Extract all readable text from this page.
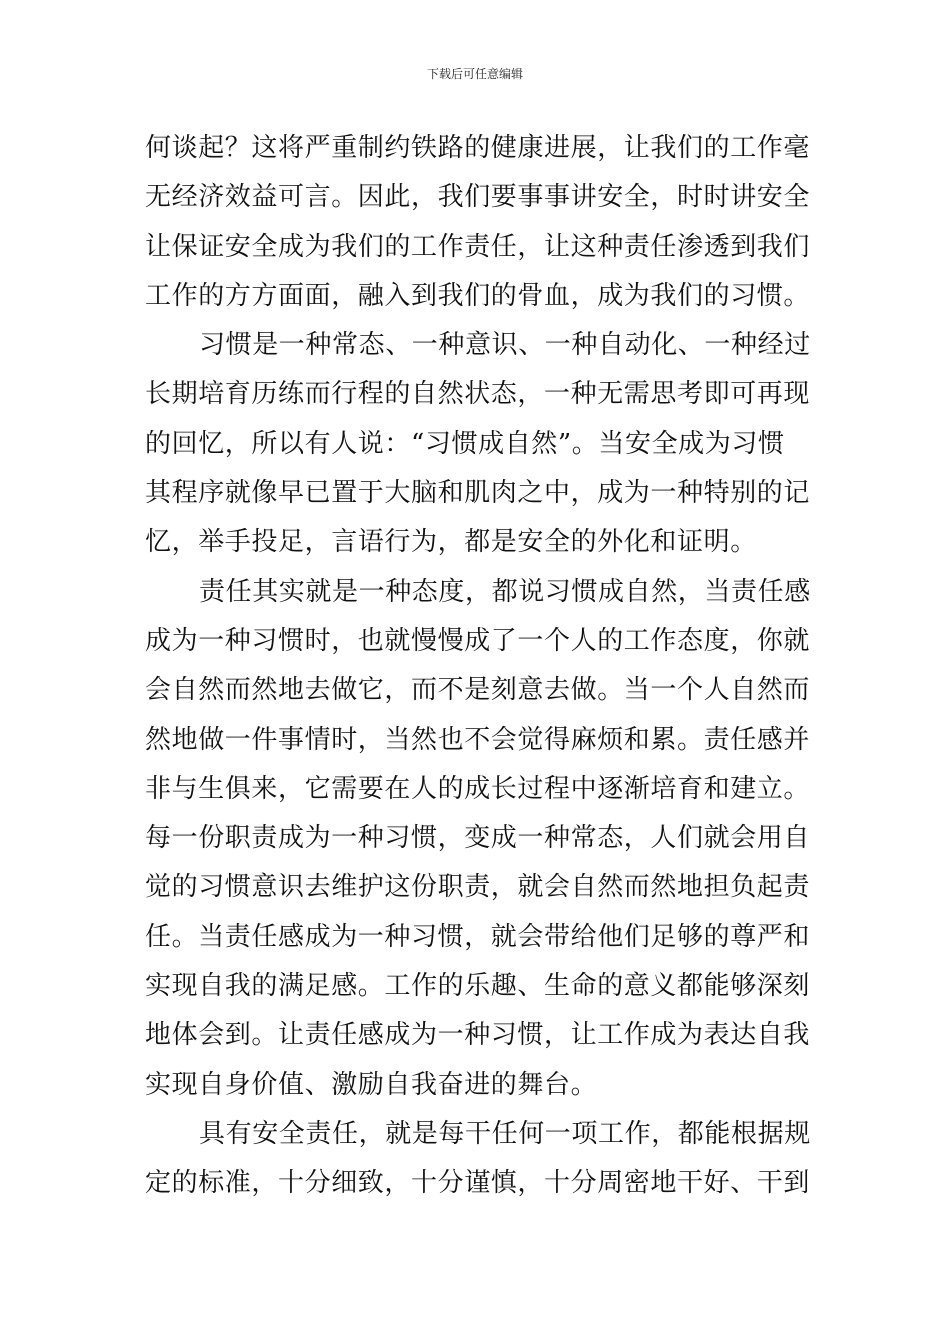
下载后可任意编辑
何谈起？这将严重制约铁路的健康进展，让我们的工作毫
无经济效益可言。因此，我们要事事讲安全，时时讲安全
让保证安全成为我们的工作责任，让这种责任渗透到我们
工作的方方面面，融入到我们的骨血，成为我们的习惯。
习惯是一种常态、一种意识、一种自动化、一种经过
长期培育历练而行程的自然状态，一种无需思考即可再现
的回忆，所以有人说：“习惯成自然”。当安全成为习惯
其程序就像早已置于大脑和肌肉之中，成为一种特别的记
忆，举手投足，言语行为，都是安全的外化和证明。
责任其实就是一种态度，都说习惯成自然，当责任感
成为一种习惯时，也就慢慢成了一个人的工作态度，你就
会自然而然地去做它，而不是刻意去做。当一个人自然而
然地做一件事情时，当然也不会觉得麻烦和累。责任感并
非与生俱来，它需要在人的成长过程中逐渐培育和建立。
每一份职责成为一种习惯，变成一种常态，人们就会用自
觉的习惯意识去维护这份职责，就会自然而然地担负起责
任。当责任感成为一种习惯，就会带给他们足够的尊严和
实现自我的满足感。工作的乐趣、生命的意义都能够深刻
地体会到。让责任感成为一种习惯，让工作成为表达自我
实现自身价值、激励自我奋进的舞台。
具有安全责任，就是每干任何一项工作，都能根据规
定的标准，十分细致，十分谨慎，十分周密地干好、干到
